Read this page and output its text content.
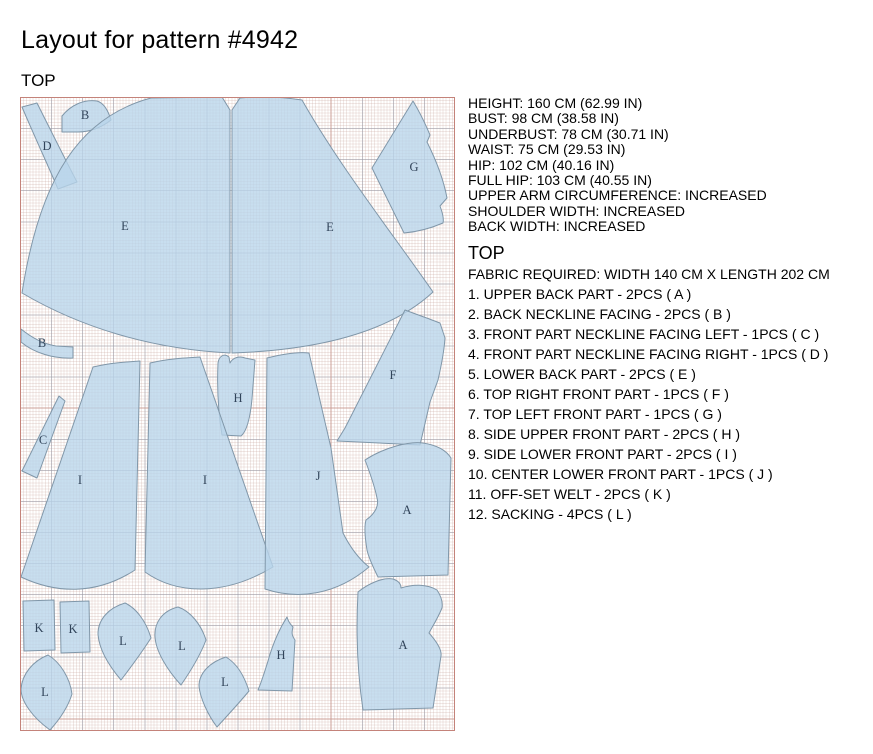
Layout for pattern #4942
TOP
D
B
E	E
G
B
C
H
F
I	I	J
A
A
H
K K
L
L	L
L
HEIGHT: 160 CM (62.99 IN)
BUST: 98 CM (38.58 IN)
UNDERBUST: 78 CM (30.71 IN)
WAIST: 75 CM (29.53 IN)
HIP: 102 CM (40.16 IN)
FULL HIP: 103 CM (40.55 IN)
UPPER ARM CIRCUMFERENCE: INCREASED
SHOULDER WIDTH: INCREASED
BACK WIDTH: INCREASED
TOP
FABRIC REQUIRED: WIDTH 140 CM X LENGTH 202 CM
1. UPPER BACK PART - 2PCS ( A )
2. BACK NECKLINE FACING - 2PCS ( B )
3. FRONT PART NECKLINE FACING LEFT - 1PCS ( C )
4. FRONT PART NECKLINE FACING RIGHT - 1PCS ( D )
5. LOWER BACK PART - 2PCS ( E )
6. TOP RIGHT FRONT PART - 1PCS ( F )
7. TOP LEFT FRONT PART - 1PCS ( G )
8. SIDE UPPER FRONT PART - 2PCS ( H )
9. SIDE LOWER FRONT PART - 2PCS ( I )
10. CENTER LOWER FRONT PART - 1PCS ( J )
11. OFF-SET WELT - 2PCS ( K )
12. SACKING - 4PCS ( L )
